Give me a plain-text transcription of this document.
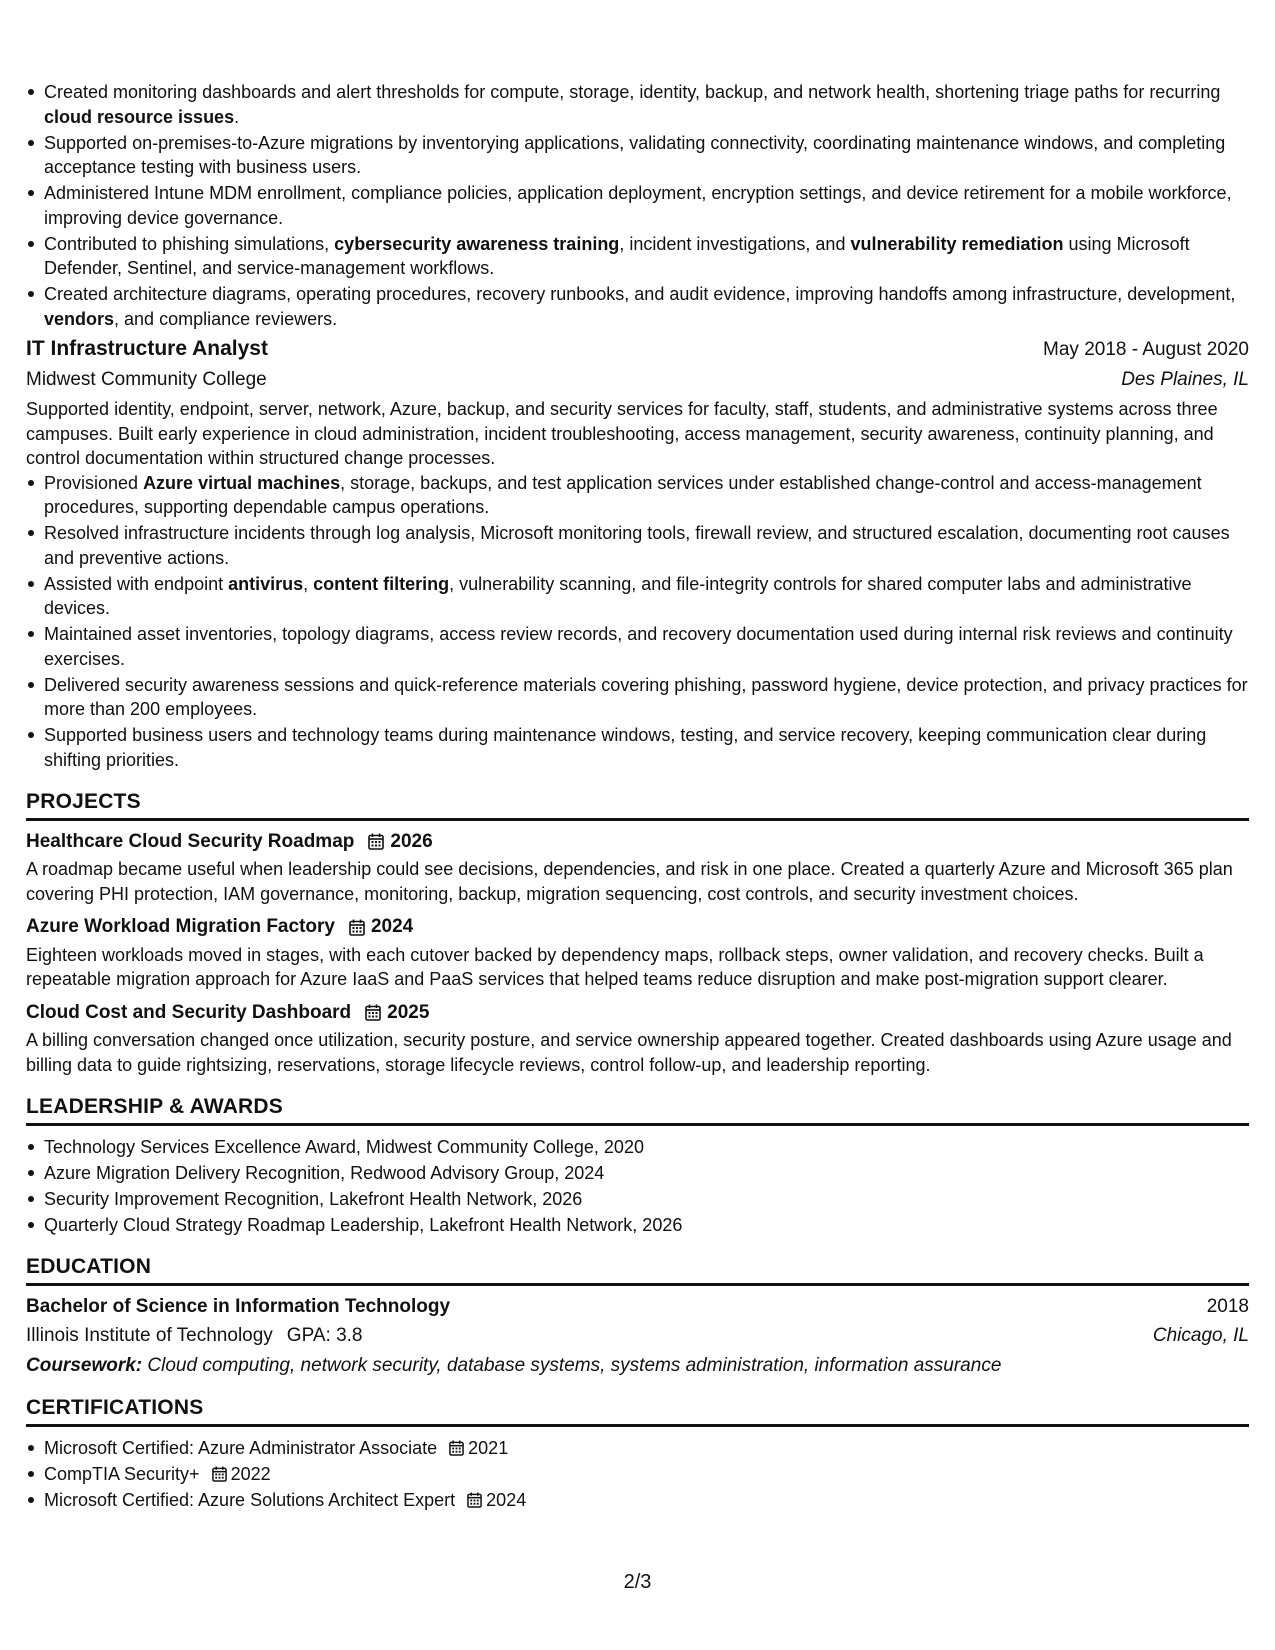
Created monitoring dashboards and alert thresholds for compute, storage, identity, backup, and network health, shortening triage paths for recurring cloud resource issues.
Supported on-premises-to-Azure migrations by inventorying applications, validating connectivity, coordinating maintenance windows, and completing acceptance testing with business users.
Administered Intune MDM enrollment, compliance policies, application deployment, encryption settings, and device retirement for a mobile workforce, improving device governance.
Contributed to phishing simulations, cybersecurity awareness training, incident investigations, and vulnerability remediation using Microsoft Defender, Sentinel, and service-management workflows.
Created architecture diagrams, operating procedures, recovery runbooks, and audit evidence, improving handoffs among infrastructure, development, vendors, and compliance reviewers.
IT Infrastructure Analyst	May 2018 - August 2020
Midwest Community College	Des Plaines, IL
Supported identity, endpoint, server, network, Azure, backup, and security services for faculty, staff, students, and administrative systems across three campuses. Built early experience in cloud administration, incident troubleshooting, access management, security awareness, continuity planning, and control documentation within structured change processes.
Provisioned Azure virtual machines, storage, backups, and test application services under established change-control and access-management procedures, supporting dependable campus operations.
Resolved infrastructure incidents through log analysis, Microsoft monitoring tools, firewall review, and structured escalation, documenting root causes and preventive actions.
Assisted with endpoint antivirus, content filtering, vulnerability scanning, and file-integrity controls for shared computer labs and administrative devices.
Maintained asset inventories, topology diagrams, access review records, and recovery documentation used during internal risk reviews and continuity exercises.
Delivered security awareness sessions and quick-reference materials covering phishing, password hygiene, device protection, and privacy practices for more than 200 employees.
Supported business users and technology teams during maintenance windows, testing, and service recovery, keeping communication clear during shifting priorities.
PROJECTS
Healthcare Cloud Security Roadmap 2026
A roadmap became useful when leadership could see decisions, dependencies, and risk in one place. Created a quarterly Azure and Microsoft 365 plan covering PHI protection, IAM governance, monitoring, backup, migration sequencing, cost controls, and security investment choices.
Azure Workload Migration Factory 2024
Eighteen workloads moved in stages, with each cutover backed by dependency maps, rollback steps, owner validation, and recovery checks. Built a repeatable migration approach for Azure IaaS and PaaS services that helped teams reduce disruption and make post-migration support clearer.
Cloud Cost and Security Dashboard 2025
A billing conversation changed once utilization, security posture, and service ownership appeared together. Created dashboards using Azure usage and billing data to guide rightsizing, reservations, storage lifecycle reviews, control follow-up, and leadership reporting.
LEADERSHIP & AWARDS
Technology Services Excellence Award, Midwest Community College, 2020
Azure Migration Delivery Recognition, Redwood Advisory Group, 2024
Security Improvement Recognition, Lakefront Health Network, 2026
Quarterly Cloud Strategy Roadmap Leadership, Lakefront Health Network, 2026
EDUCATION
Bachelor of Science in Information Technology	2018
Illinois Institute of Technology GPA: 3.8	Chicago, IL
Coursework: Cloud computing, network security, database systems, systems administration, information assurance
CERTIFICATIONS
Microsoft Certified: Azure Administrator Associate 2021
CompTIA Security+ 2022
Microsoft Certified: Azure Solutions Architect Expert 2024
2/3
